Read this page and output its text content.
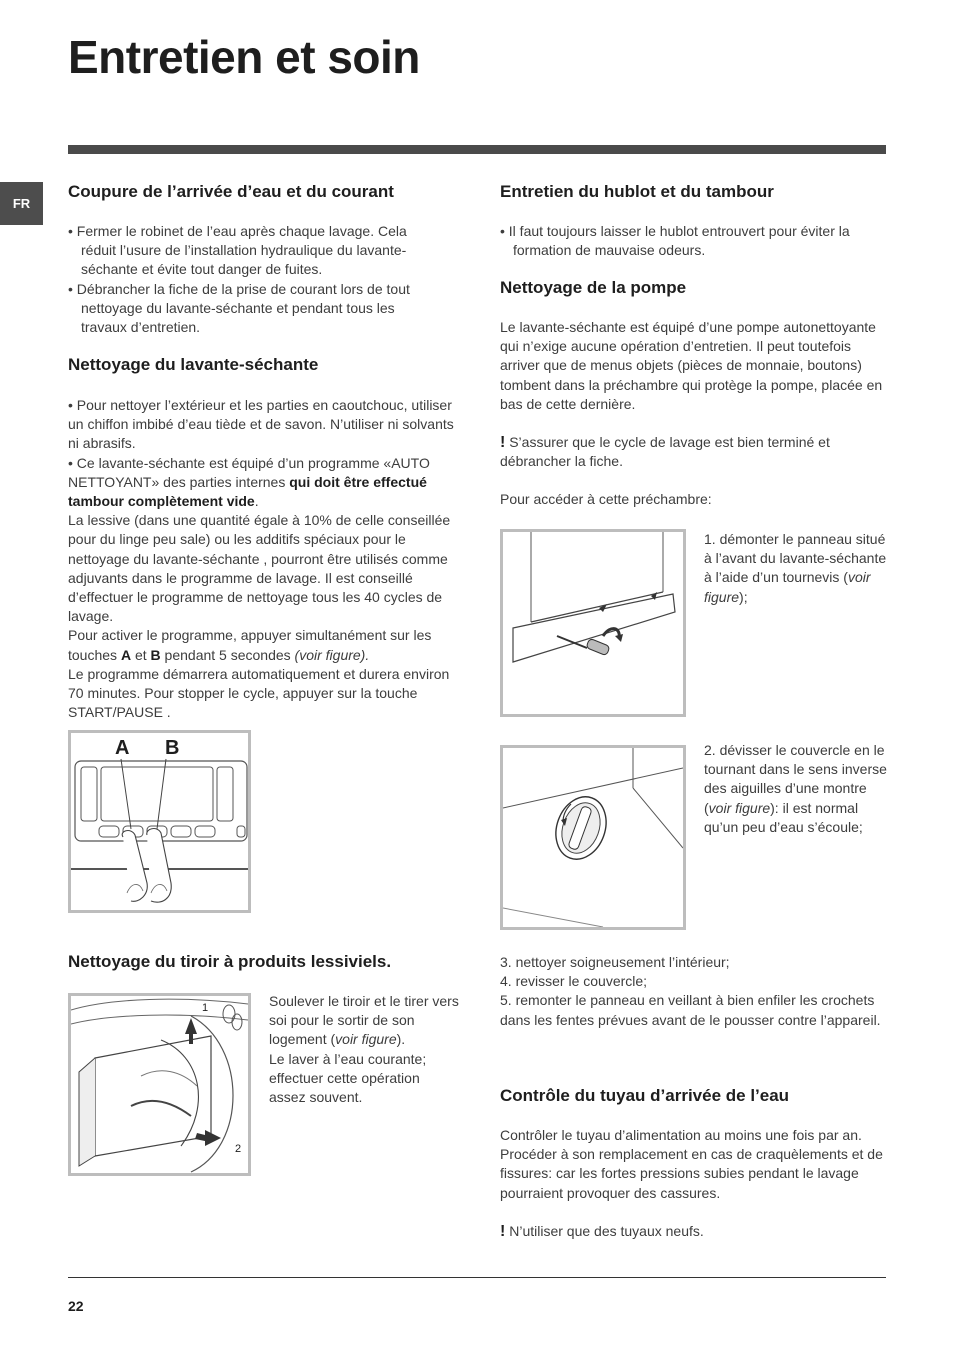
Entretien et soin
FR
Coupure de l’arrivée d’eau et du courant

• Fermer le robinet de l’eau après chaque lavage. Cela réduit l’usure de l’installation hydraulique du lavante-séchante et évite tout danger de fuites.

• Débrancher la fiche de la prise de courant lors de tout nettoyage du lavante-séchante et pendant tous les travaux d’entretien.

Nettoyage du lavante-séchante

• Pour nettoyer l’extérieur et les parties en caoutchouc, utiliser un chiffon imbibé d’eau tiède et de savon. N’utiliser ni solvants ni abrasifs.

• Ce lavante-séchante est équipé d’un programme «AUTO NETTOYANT» des parties internes qui doit être effectué tambour complètement vide.

La lessive (dans une quantité égale à 10% de celle conseillée pour du linge peu sale) ou les additifs spéciaux pour le nettoyage du lavante-séchante , pourront être utilisés comme adjuvants dans le programme de lavage. Il est conseillé d’effectuer le programme de nettoyage tous les 40 cycles de lavage.

Pour activer le programme, appuyer simultanément sur les touches A et B pendant 5 secondes (voir figure).

Le programme démarrera automatiquement et durera environ 70 minutes. Pour stopper le cycle, appuyer sur la touche START/PAUSE .

A B
Nettoyage du tiroir à produits lessiviels.
1
2

Soulever le tiroir et le tirer vers soi pour le sortir de son logement (voir figure).

Le laver à l’eau courante; effectuer cette opération assez souvent.

Entretien du hublot et du tambour

• Il faut toujours laisser le hublot entrouvert pour éviter la formation de mauvaise odeurs.

Nettoyage de la pompe

Le lavante-séchante est équipé d’une pompe autonettoyante qui n’exige aucune opération d’entretien. Il peut toutefois arriver que de menus objets (pièces de monnaie, boutons) tombent dans la préchambre qui protège la pompe, placée en bas de cette dernière.

! S’assurer que le cycle de lavage est bien terminé et débrancher la fiche.

Pour accéder à cette préchambre:

1. démonter le panneau situé à l’avant du lavante-séchante à l’aide d’un tournevis (voir figure);

2. dévisser le couvercle en le tournant dans le sens inverse des aiguilles d’une montre (voir figure): il est normal qu’un peu d’eau s’écoule;

3. nettoyer soigneusement l’intérieur;

4. revisser le couvercle;

5. remonter le panneau en veillant à bien enfiler les crochets dans les fentes prévues avant de le pousser contre l’appareil.

Contrôle du tuyau d’arrivée de l’eau

Contrôler le tuyau d’alimentation au moins une fois par an. Procéder à son remplacement en cas de craquèlements et de fissures: car les fortes pressions subies pendant le lavage pourraient provoquer des cassures.

! N’utiliser que des tuyaux neufs.

22
